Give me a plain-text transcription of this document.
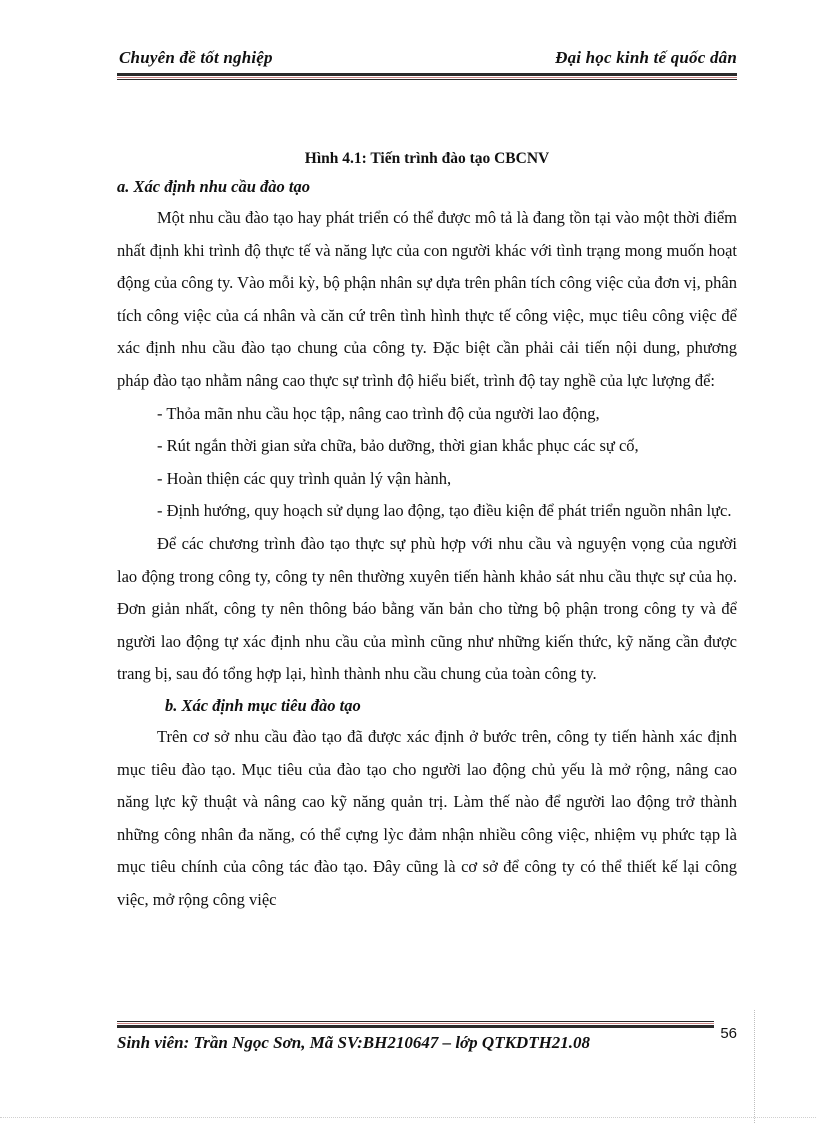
Chuyên đề tốt nghiệp	Đại học kinh tế quốc dân
Hình 4.1: Tiến trình đào tạo CBCNV
a. Xác định nhu cầu đào tạo

Một nhu cầu đào tạo hay phát triển có thể được mô tả là đang tồn tại vào một thời điểm nhất định khi trình độ thực tế và năng lực của con người khác với tình trạng mong muốn hoạt động của công ty. Vào mỗi kỳ, bộ phận nhân sự dựa trên phân tích công việc của đơn vị, phân tích công việc của cá nhân và căn cứ trên tình hình thực tế công việc, mục tiêu công việc để xác định nhu cầu đào tạo chung của công ty. Đặc biệt cần phải cải tiến nội dung, phương pháp đào tạo nhằm nâng cao thực sự trình độ hiểu biết, trình độ tay nghề của lực lượng để:

- Thỏa mãn nhu cầu học tập, nâng cao trình độ của người lao động,

- Rút ngắn thời gian sửa chữa, bảo dưỡng, thời gian khắc phục các sự cố,

- Hoàn thiện các quy trình quản lý vận hành,

- Định hướng, quy hoạch sử dụng lao động, tạo điều kiện để phát triển nguồn nhân lực.

Để các chương trình đào tạo thực sự phù hợp với nhu cầu và nguyện vọng của người lao động trong công ty, công ty nên thường xuyên tiến hành khảo sát nhu cầu thực sự của họ. Đơn giản nhất, công ty nên thông báo bằng văn bản cho từng bộ phận trong công ty và để người lao động tự xác định nhu cầu của mình cũng như những kiến thức, kỹ năng cần được trang bị, sau đó tổng hợp lại, hình thành nhu cầu chung của toàn công ty.

b. Xác định mục tiêu đào tạo

Trên cơ sở nhu cầu đào tạo đã được xác định ở bước trên, công ty tiến hành xác định mục tiêu đào tạo. Mục tiêu của đào tạo cho người lao động chủ yếu là mở rộng, nâng cao năng lực kỹ thuật và nâng cao kỹ năng quản trị. Làm thế nào để người lao động trở thành những công nhân đa năng, có thể cựng lỳc đảm nhận nhiều công việc, nhiệm vụ phức tạp là mục tiêu chính của công tác đào tạo. Đây cũng là cơ sở để công ty có thể thiết kế lại công việc, mở rộng công việc

56
Sinh viên: Trần Ngọc Sơn, Mã SV:BH210647 – lớp QTKDTH21.08
